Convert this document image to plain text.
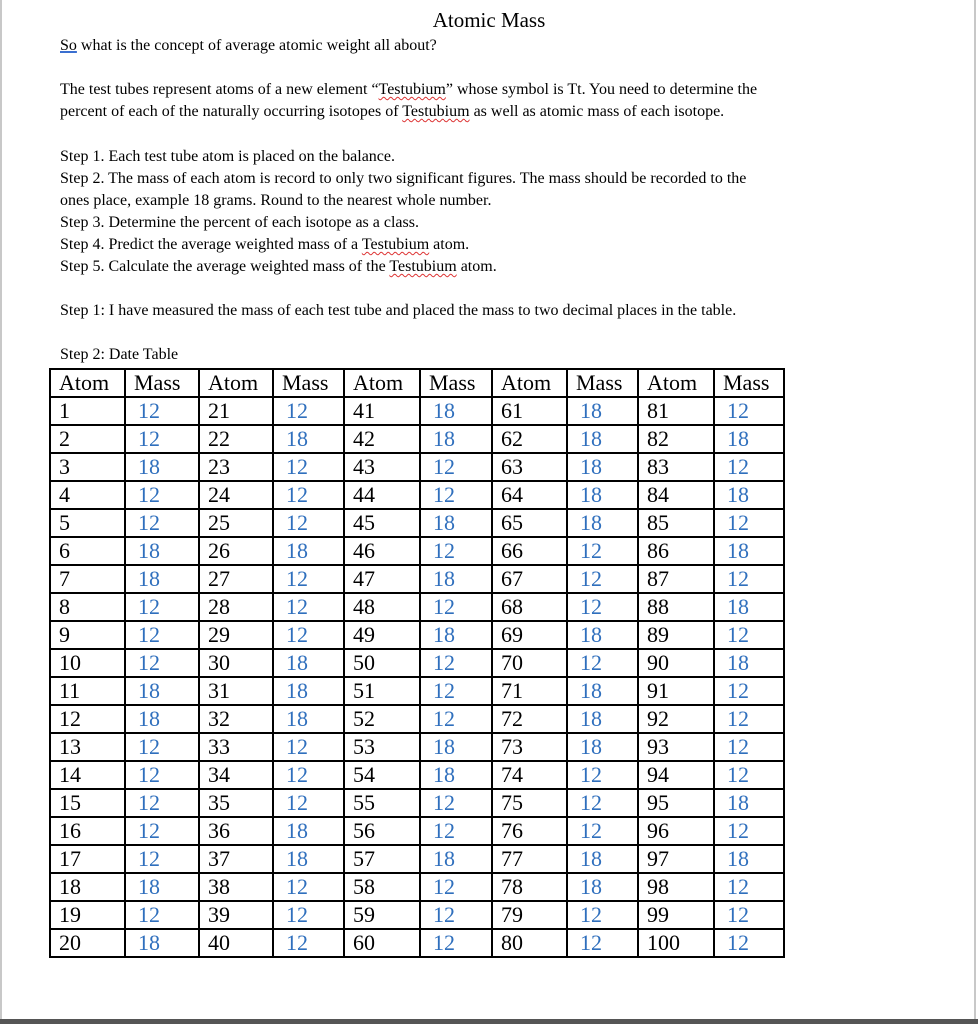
Atomic Mass
So what is the concept of average atomic weight all about?
The test tubes represent atoms of a new element “Testubium” whose symbol is Tt. You need to determine the
percent of each of the naturally occurring isotopes of Testubium as well as atomic mass of each isotope.
Step 1. Each test tube atom is placed on the balance.
Step 2. The mass of each atom is record to only two significant figures. The mass should be recorded to the
ones place, example 18 grams. Round to the nearest whole number.
Step 3. Determine the percent of each isotope as a class.
Step 4. Predict the average weighted mass of a Testubium atom.
Step 5. Calculate the average weighted mass of the Testubium atom.
Step 1: I have measured the mass of each test tube and placed the mass to two decimal places in the table.
Step 2: Date Table
Atom	Mass	Atom	Mass	Atom	Mass	Atom	Mass	Atom	Mass
1	12	21	12	41	18	61	18	81	12
2	12	22	18	42	18	62	18	82	18
3	18	23	12	43	12	63	18	83	12
4	12	24	12	44	12	64	18	84	18
5	12	25	12	45	18	65	18	85	12
6	18	26	18	46	12	66	12	86	18
7	18	27	12	47	18	67	12	87	12
8	12	28	12	48	12	68	12	88	18
9	12	29	12	49	18	69	18	89	12
10	12	30	18	50	12	70	12	90	18
11	18	31	18	51	12	71	18	91	12
12	18	32	18	52	12	72	18	92	12
13	12	33	12	53	18	73	18	93	12
14	12	34	12	54	18	74	12	94	12
15	12	35	12	55	12	75	12	95	18
16	12	36	18	56	12	76	12	96	12
17	12	37	18	57	18	77	18	97	18
18	18	38	12	58	12	78	18	98	12
19	12	39	12	59	12	79	12	99	12
20	18	40	12	60	12	80	12	100	12
